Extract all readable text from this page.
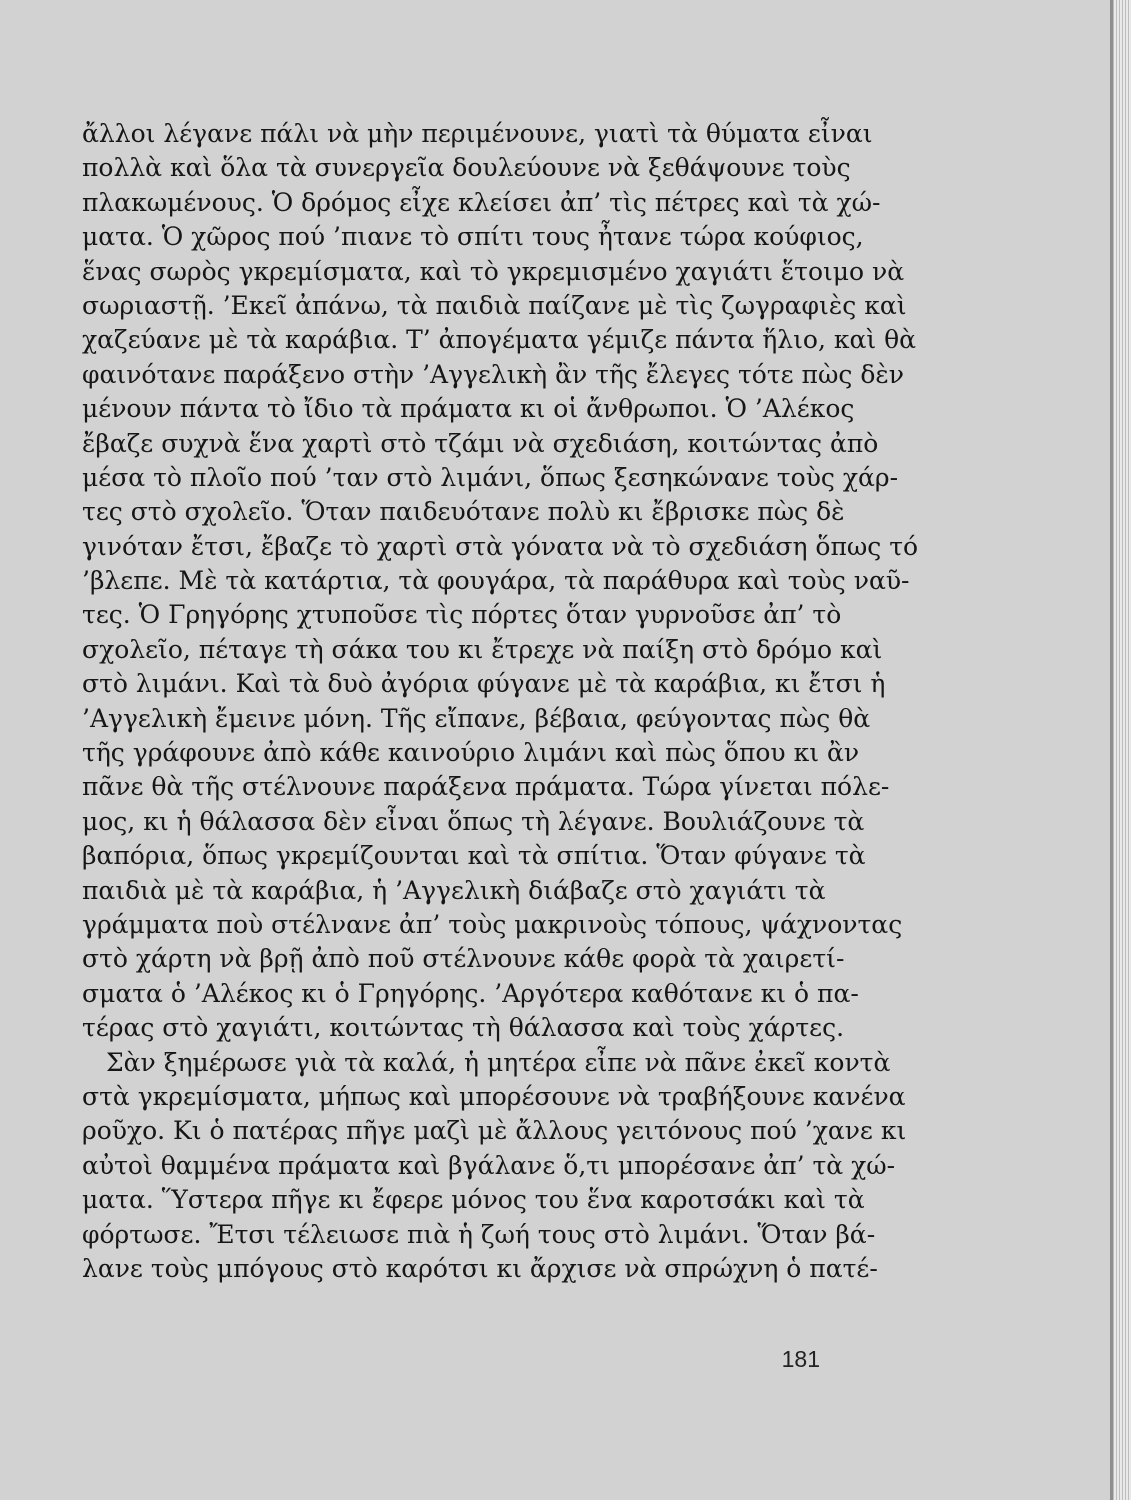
ἄλλοι λέγανε πάλι νὰ μὴν περιμένουνε, γιατὶ τὰ θύματα εἶναι
πολλὰ καὶ ὅλα τὰ συνεργεῖα δουλεύουνε νὰ ξεθάψουνε τοὺς
πλακωμένους. Ὁ δρόμος εἶχε κλείσει ἀπ’ τὶς πέτρες καὶ τὰ χώ-
ματα. Ὁ χῶρος πού ’πιανε τὸ σπίτι τους ἦτανε τώρα κούφιος,
ἕνας σωρὸς γκρεμίσματα, καὶ τὸ γκρεμισμένο χαγιάτι ἕτοιμο νὰ
σωριαστῇ. ’Εκεῖ ἀπάνω, τὰ παιδιὰ παίζανε μὲ τὶς ζωγραφιὲς καὶ
χαζεύανε μὲ τὰ καράβια. Τ’ ἀπογέματα γέμιζε πάντα ἥλιο, καὶ θὰ
φαινότανε παράξενο στὴν ’Αγγελικὴ ἂν τῆς ἔλεγες τότε πὼς δὲν
μένουν πάντα τὸ ἴδιο τὰ πράματα κι οἱ ἄνθρωποι. Ὁ ’Αλέκος
ἔβαζε συχνὰ ἕνα χαρτὶ στὸ τζάμι νὰ σχεδιάση, κοιτώντας ἀπὸ
μέσα τὸ πλοῖο πού ’ταν στὸ λιμάνι, ὅπως ξεσηκώνανε τοὺς χάρ-
τες στὸ σχολεῖο. Ὅταν παιδευότανε πολὺ κι ἔβρισκε πὼς δὲ
γινόταν ἔτσι, ἔβαζε τὸ χαρτὶ στὰ γόνατα νὰ τὸ σχεδιάση ὅπως τό
’βλεπε. Μὲ τὰ κατάρτια, τὰ φουγάρα, τὰ παράθυρα καὶ τοὺς ναῦ-
τες. Ὁ Γρηγόρης χτυποῦσε τὶς πόρτες ὅταν γυρνοῦσε ἀπ’ τὸ
σχολεῖο, πέταγε τὴ σάκα του κι ἔτρεχε νὰ παίξη στὸ δρόμο καὶ
στὸ λιμάνι. Καὶ τὰ δυὸ ἀγόρια φύγανε μὲ τὰ καράβια, κι ἔτσι ἡ
’Αγγελικὴ ἔμεινε μόνη. Τῆς εἴπανε, βέβαια, φεύγοντας πὼς θὰ
τῆς γράφουνε ἀπὸ κάθε καινούριο λιμάνι καὶ πὼς ὅπου κι ἂν
πᾶνε θὰ τῆς στέλνουνε παράξενα πράματα. Τώρα γίνεται πόλε-
μος, κι ἡ θάλασσα δὲν εἶναι ὅπως τὴ λέγανε. Βουλιάζουνε τὰ
βαπόρια, ὅπως γκρεμίζουνται καὶ τὰ σπίτια. Ὅταν φύγανε τὰ
παιδιὰ μὲ τὰ καράβια, ἡ ’Αγγελικὴ διάβαζε στὸ χαγιάτι τὰ
γράμματα ποὺ στέλνανε ἀπ’ τοὺς μακρινοὺς τόπους, ψάχνοντας
στὸ χάρτη νὰ βρῇ ἀπὸ ποῦ στέλνουνε κάθε φορὰ τὰ χαιρετί-
σματα ὁ ’Αλέκος κι ὁ Γρηγόρης. ’Αργότερα καθότανε κι ὁ πα-
τέρας στὸ χαγιάτι, κοιτώντας τὴ θάλασσα καὶ τοὺς χάρτες.
Σὰν ξημέρωσε γιὰ τὰ καλά, ἡ μητέρα εἶπε νὰ πᾶνε ἐκεῖ κοντὰ
στὰ γκρεμίσματα, μήπως καὶ μπορέσουνε νὰ τραβήξουνε κανένα
ροῦχο. Κι ὁ πατέρας πῆγε μαζὶ μὲ ἄλλους γειτόνους πού ’χανε κι
αὐτοὶ θαμμένα πράματα καὶ βγάλανε ὅ,τι μπορέσανε ἀπ’ τὰ χώ-
ματα. Ὕστερα πῆγε κι ἔφερε μόνος του ἕνα καροτσάκι καὶ τὰ
φόρτωσε. Ἔτσι τέλειωσε πιὰ ἡ ζωή τους στὸ λιμάνι. Ὅταν βά-
λανε τοὺς μπόγους στὸ καρότσι κι ἄρχισε νὰ σπρώχνη ὁ πατέ-
181
